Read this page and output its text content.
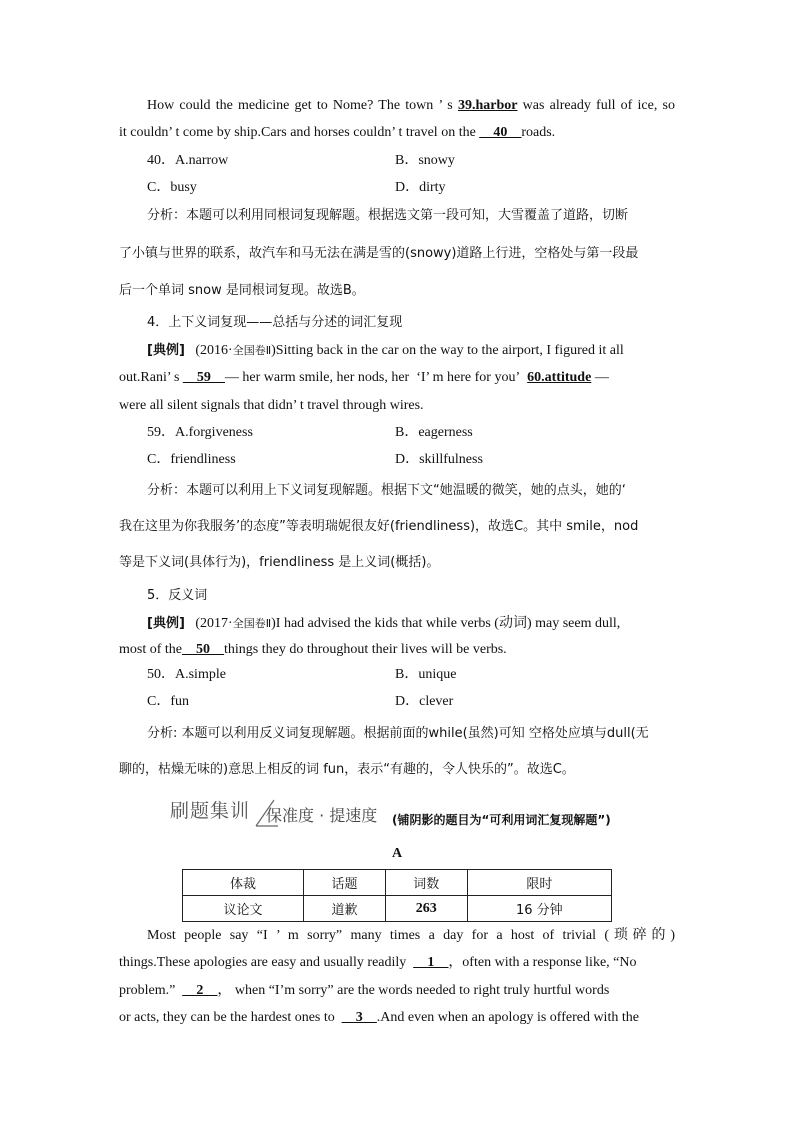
How could the medicine get to Nome? The town ’ s 39.harbor was already full of ice, so
it couldn’ t come by ship.Cars and horses couldn’ t travel on the __40__roads.
40．A.narrow	B．snowy
C．busy	D．dirty
分析：本题可以利用同根词复现解题。根据选文第一段可知，大雪覆盖了道路，切断
了小镇与世界的联系，故汽车和马无法在满是雪的(snowy)道路上行进，空格处与第一段最
后一个单词 snow 是同根词复现。故选B。
4．上下义词复现——总括与分述的词汇复现
[典例] (2016·全国卷Ⅱ)Sitting back in the car on the way to the airport, I figured it all
out.Rani’ s __59__— her warm smile, her nods, her ‘I’ m here for you’ 60.attitude —
were all silent signals that didn’ t travel through wires.
59．A.forgiveness	B．eagerness
C．friendliness	D．skillfulness
分析：本题可以利用上下义词复现解题。根据下文“她温暖的微笑，她的点头，她的‘
我在这里为你我服务’的态度”等表明瑞妮很友好(friendliness)，故选C。其中 smile，nod
等是下义词(具体行为)，friendliness 是上义词(概括)。
5．反义词
[典例] (2017·全国卷Ⅱ)I had advised the kids that while verbs (动词) may seem dull,
most of the__50__things they do throughout their lives will be verbs.
50．A.simple	B．unique
C．fun	D．clever
分析: 本题可以利用反义词复现解题。根据前面的while(虽然)可知 空格处应填与dull(无
聊的，枯燥无味的)意思上相反的词 fun，表示“有趣的，令人快乐的”。故选C。
刷题集训 保准度 · 提速度 (铺阴影的题目为“可利用词汇复现解题”)
A
体裁	话题	词数	限时
议论文	道歉	263	16 分钟
Most people say “I ’ m sorry” many times a day for a host of trivial (琐碎的)
things.These apologies are easy and usually readily __1__，often with a response like, “No
problem.” __2__， when “I’m sorry” are the words needed to right truly hurtful words
or acts, they can be the hardest ones to __3__.And even when an apology is offered with the
